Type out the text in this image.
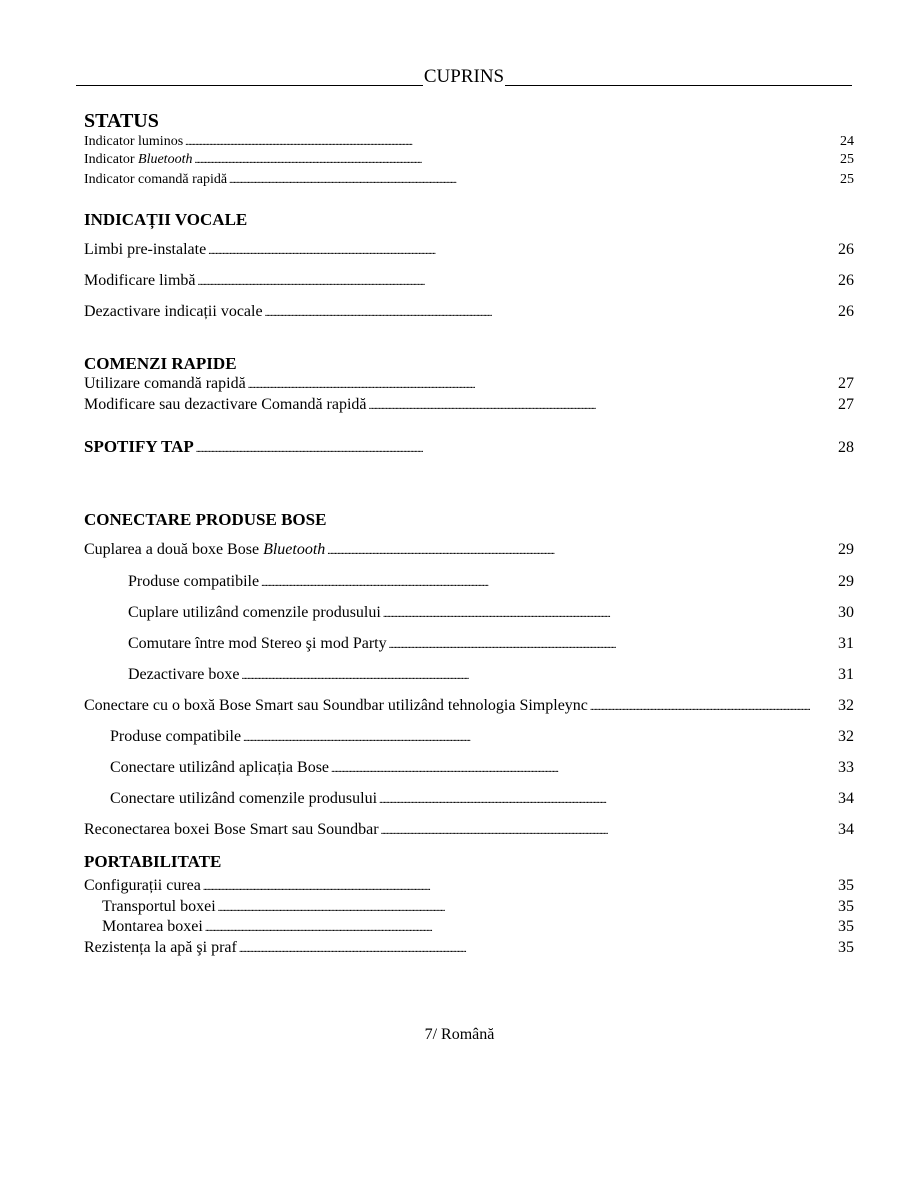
CUPRINS
STATUS
Indicator luminos . . .	24
Indicator Bluetooth . . .	25
Indicator comandă rapidă . . .	25
INDICAȚII VOCALE
Limbi pre-instalate . . .	26
Modificare limbă . . .	26
Dezactivare indicații vocale . . .	26
COMENZI RAPIDE
Utilizare comandă rapidă . . .	27
Modificare sau dezactivare Comandă rapidă . . .	27
SPOTIFY TAP . . .	28
CONECTARE PRODUSE BOSE
Cuplarea a două boxe Bose Bluetooth . . .	29
Produse compatibile . . .	29
Cuplare utilizând comenzile produsului . . .	30
Comutare între mod Stereo şi mod Party . . .	31
Dezactivare boxe . . .	31
Conectare cu o boxă Bose Smart sau Soundbar utilizând tehnologia Simpleync . . .	32
Produse compatibile . . .	32
Conectare utilizând aplicația Bose . . .	33
Conectare utilizând comenzile produsului . . .	34
Reconectarea boxei Bose Smart sau Soundbar . . .	34
PORTABILITATE
Configurații curea . . .	35
Transportul boxei . . .	35
Montarea boxei . . .	35
Rezistența la apă şi praf . . .	35
7/ Română
